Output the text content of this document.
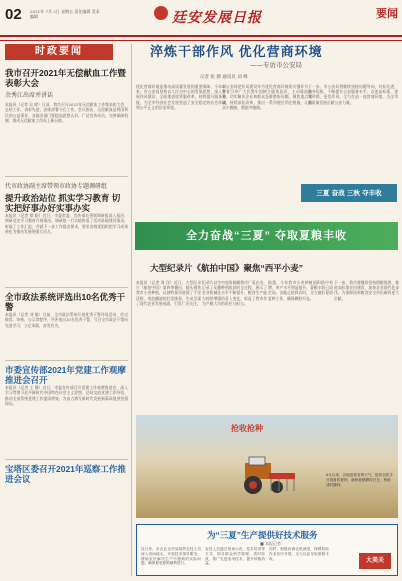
02 2021年 7月 2日 星期五 责任编辑 美术编辑	廷安发展日报	要闻
时政要闻
我市召开2021年无偿献血工作暨表彰大会
余秀江出席并讲话
本报讯（记者 吴 婷）日前，我市召开2021年无偿献血工作暨表彰大会，总结工作，表彰先进，安排部署今后工作。会议指出，无偿献血是利国利民的公益事业，各地各部门要提高思想认识，广泛宣传动员，完善保障机制，推动无偿献血工作再上新台阶。
代市政协副主席带领市政协专题调研组
提升政治站位 抓实学习教育 切实把好事办好实事办实
本报讯（记者 徐 阳）近日，市委常委、宣传部长带领调研组深入基层，调研党史学习教育开展情况。调研组一行实地察看了活动阵地建设情况，听取了工作汇报，并就下一步工作提出要求，要求各级党组织把学习成果转化为推动发展的强大动力。
全市政法系统评选出10名优秀干警
本报讯（记者 刘 敏）日前，全市政法系统开展优秀干警评选活动，经过推荐、审核、公示等程序，共评选出10名优秀干警，号召全市政法干警向先进学习，立足本职，奋发有为。
市委宣传部2021年党建工作观摩推进会召开
本报讯（记者 王 静）近日，市委宣传部召开党建工作观摩推进会，深入学习贯彻习近平新时代中国特色社会主义思想，总结交流党建工作经验，推动全部系统党建工作提质增效，为奋力谱写新时代发展新篇章提供坚强保证。
宝塔区委召开2021年巡察工作推进会议
淬炼干部作风 优化营商环境
——专访市公安局
记者 张 静 通讯员 刘 峰
优化营商环境是推动高质量发展的重要保障。今年以来，市公安局坚持以人民为中心的发展思想，深入开展作风建设，全面推进放管服改革，持续提升服务效能，为全市经济社会发展营造了安全稳定的社会环境和公平正义的法治环境。
市公安局把作风建设作为优化营商环境的关键环节，教育引导广大民警牢固树立服务意识，主动靠前服务，切实解决企业和群众急难愁盼问题。聚焦重点领域，持续深化改革，推出一系列便民利企措施，让群众少跑腿、数据多跑路。
下一步，市公安局将继续坚持问题导向，对标先进，补齐短板，不断提升公安服务水平，以更高标准、更实举措、更优作风，全力打造一流营商环境，为全市高质量发展贡献公安力量。
三夏 奋战 三秋 夺丰收
全力奋战“三夏” 夺取夏粮丰收
大型纪录片《航拍中国》聚焦“西平小麦”
本报讯（记者 周 洋）近日，大型纪录片《航拍中国》第四季播出，镜头聚焦我市小麦种植，以独特视角展现了千里沃野、麦浪翻滚的壮美画卷，生动呈现了现代农业发展成就，引发广泛关注。
纪录片以空中视角俯瞰我市广袤农田，记录了从播种到收获的全过程，展示了农业机械化水平不断提升、粮食生产能力持续增强的喜人变化，彰显了我市作为产粮大市的责任与担当。
据悉，今年我市小麦种植面积稳中有增，单产水平明显提升，夏粮丰收已成定局。各地正抢抓农时，全力做好夏收夏种工作，确保颗粒归仓。
下一步，我市将继续坚持稳粮保供，推进高标准农田建设，加快农业现代化步伐，为保障国家粮食安全作出新的更大贡献。
抢收抢种
6月以来，各地抢抓有利天气，组织农机手开展夏收夏种，确保夏粮颗粒归仓、秋粮适时播种。
为“三夏”生产提供好技术服务
■ 本报记者
连日来，市农业农村局组织农技人员深入田间地头，开展技术指导服务，帮助农民解决生产中遇到的实际问题，确保夏收夏种顺利进行。
农技人员通过现场示范、技术培训等方式，指导群众科学管理、适时收获，推广先进适用技术，提升种植效益。
同时，积极协调农机调度，保障机收作业有序开展，全力以赴夺取夏粮丰收。	大美关
